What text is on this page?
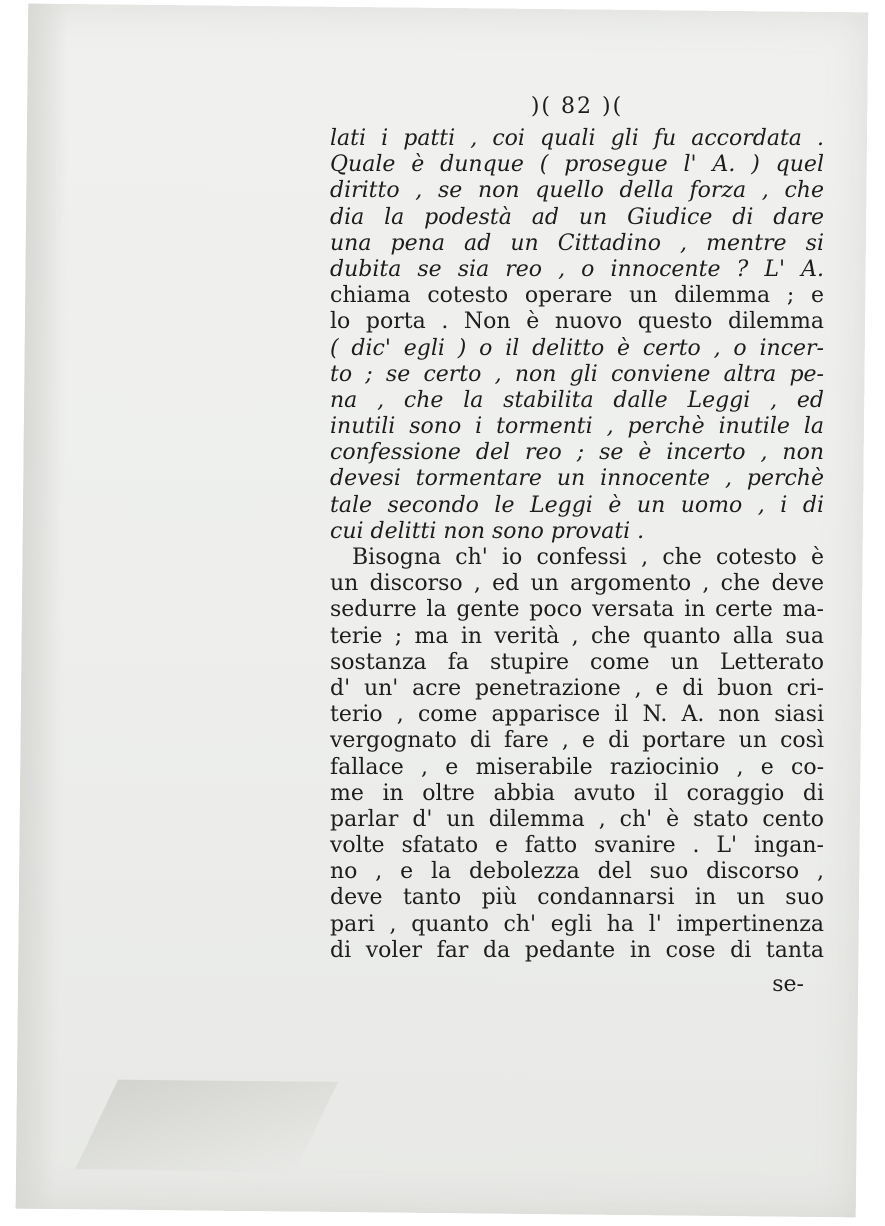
)( 82 )(
lati i patti , coi quali gli fu accordata .
Quale è dunque ( prosegue l' A. ) quel
diritto , se non quello della forza , che
dia la podestà ad un Giudice di dare
una pena ad un Cittadino , mentre si
dubita se sia reo , o innocente ? L' A.
chiama cotesto operare un dilemma ; e
lo porta . Non è nuovo questo dilemma
( dic' egli ) o il delitto è certo , o incer-
to ; se certo , non gli conviene altra pe-
na , che la stabilita dalle Leggi , ed
inutili sono i tormenti , perchè inutile la
confessione del reo ; se è incerto , non
devesi tormentare un innocente , perchè
tale secondo le Leggi è un uomo , i di
cui delitti non sono provati .
Bisogna ch' io confessi , che cotesto è
un discorso , ed un argomento , che deve
sedurre la gente poco versata in certe ma-
terie ; ma in verità , che quanto alla sua
sostanza fa stupire come un Letterato
d' un' acre penetrazione , e di buon cri-
terio , come apparisce il N. A. non siasi
vergognato di fare , e di portare un così
fallace , e miserabile raziocinio , e co-
me in oltre abbia avuto il coraggio di
parlar d' un dilemma , ch' è stato cento
volte sfatato e fatto svanire . L' ingan-
no , e la debolezza del suo discorso ,
deve tanto più condannarsi in un suo
pari , quanto ch' egli ha l' impertinenza
di voler far da pedante in cose di tanta
se-
